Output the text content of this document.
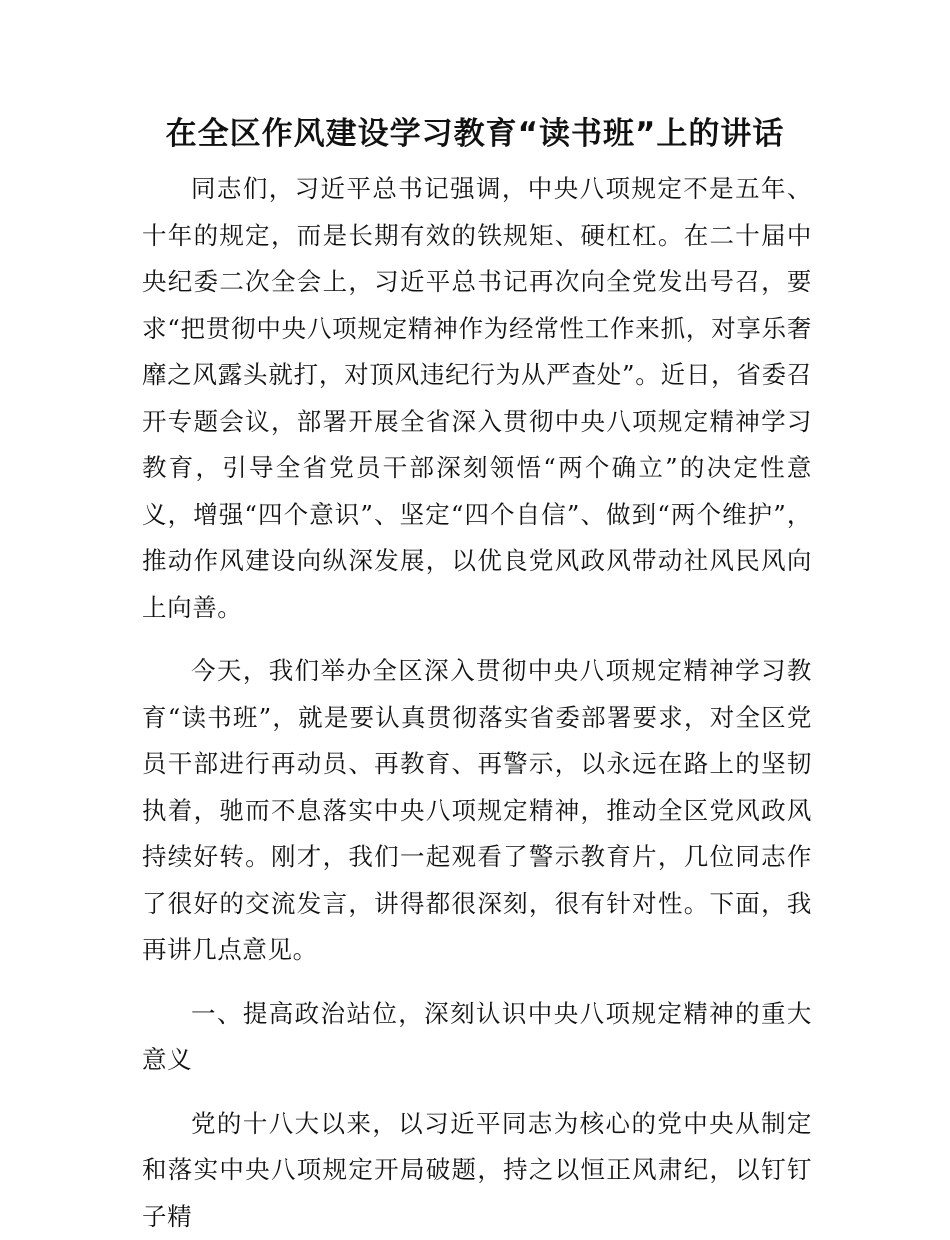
在全区作风建设学习教育“读书班”上的讲话

同志们，习近平总书记强调，中央八项规定不是五年、十年的规定，而是长期有效的铁规矩、硬杠杠。在二十届中央纪委二次全会上，习近平总书记再次向全党发出号召，要求“把贯彻中央八项规定精神作为经常性工作来抓，对享乐奢靡之风露头就打，对顶风违纪行为从严查处”。近日，省委召开专题会议，部署开展全省深入贯彻中央八项规定精神学习教育，引导全省党员干部深刻领悟“两个确立”的决定性意义，增强“四个意识”、坚定“四个自信”、做到“两个维护”，推动作风建设向纵深发展，以优良党风政风带动社风民风向上向善。

今天，我们举办全区深入贯彻中央八项规定精神学习教育“读书班”，就是要认真贯彻落实省委部署要求，对全区党员干部进行再动员、再教育、再警示，以永远在路上的坚韧执着，驰而不息落实中央八项规定精神，推动全区党风政风持续好转。刚才，我们一起观看了警示教育片，几位同志作了很好的交流发言，讲得都很深刻，很有针对性。下面，我再讲几点意见。

一、提高政治站位，深刻认识中央八项规定精神的重大意义

党的十八大以来，以习近平同志为核心的党中央从制定和落实中央八项规定开局破题，持之以恒正风肃纪，以钉钉子精
